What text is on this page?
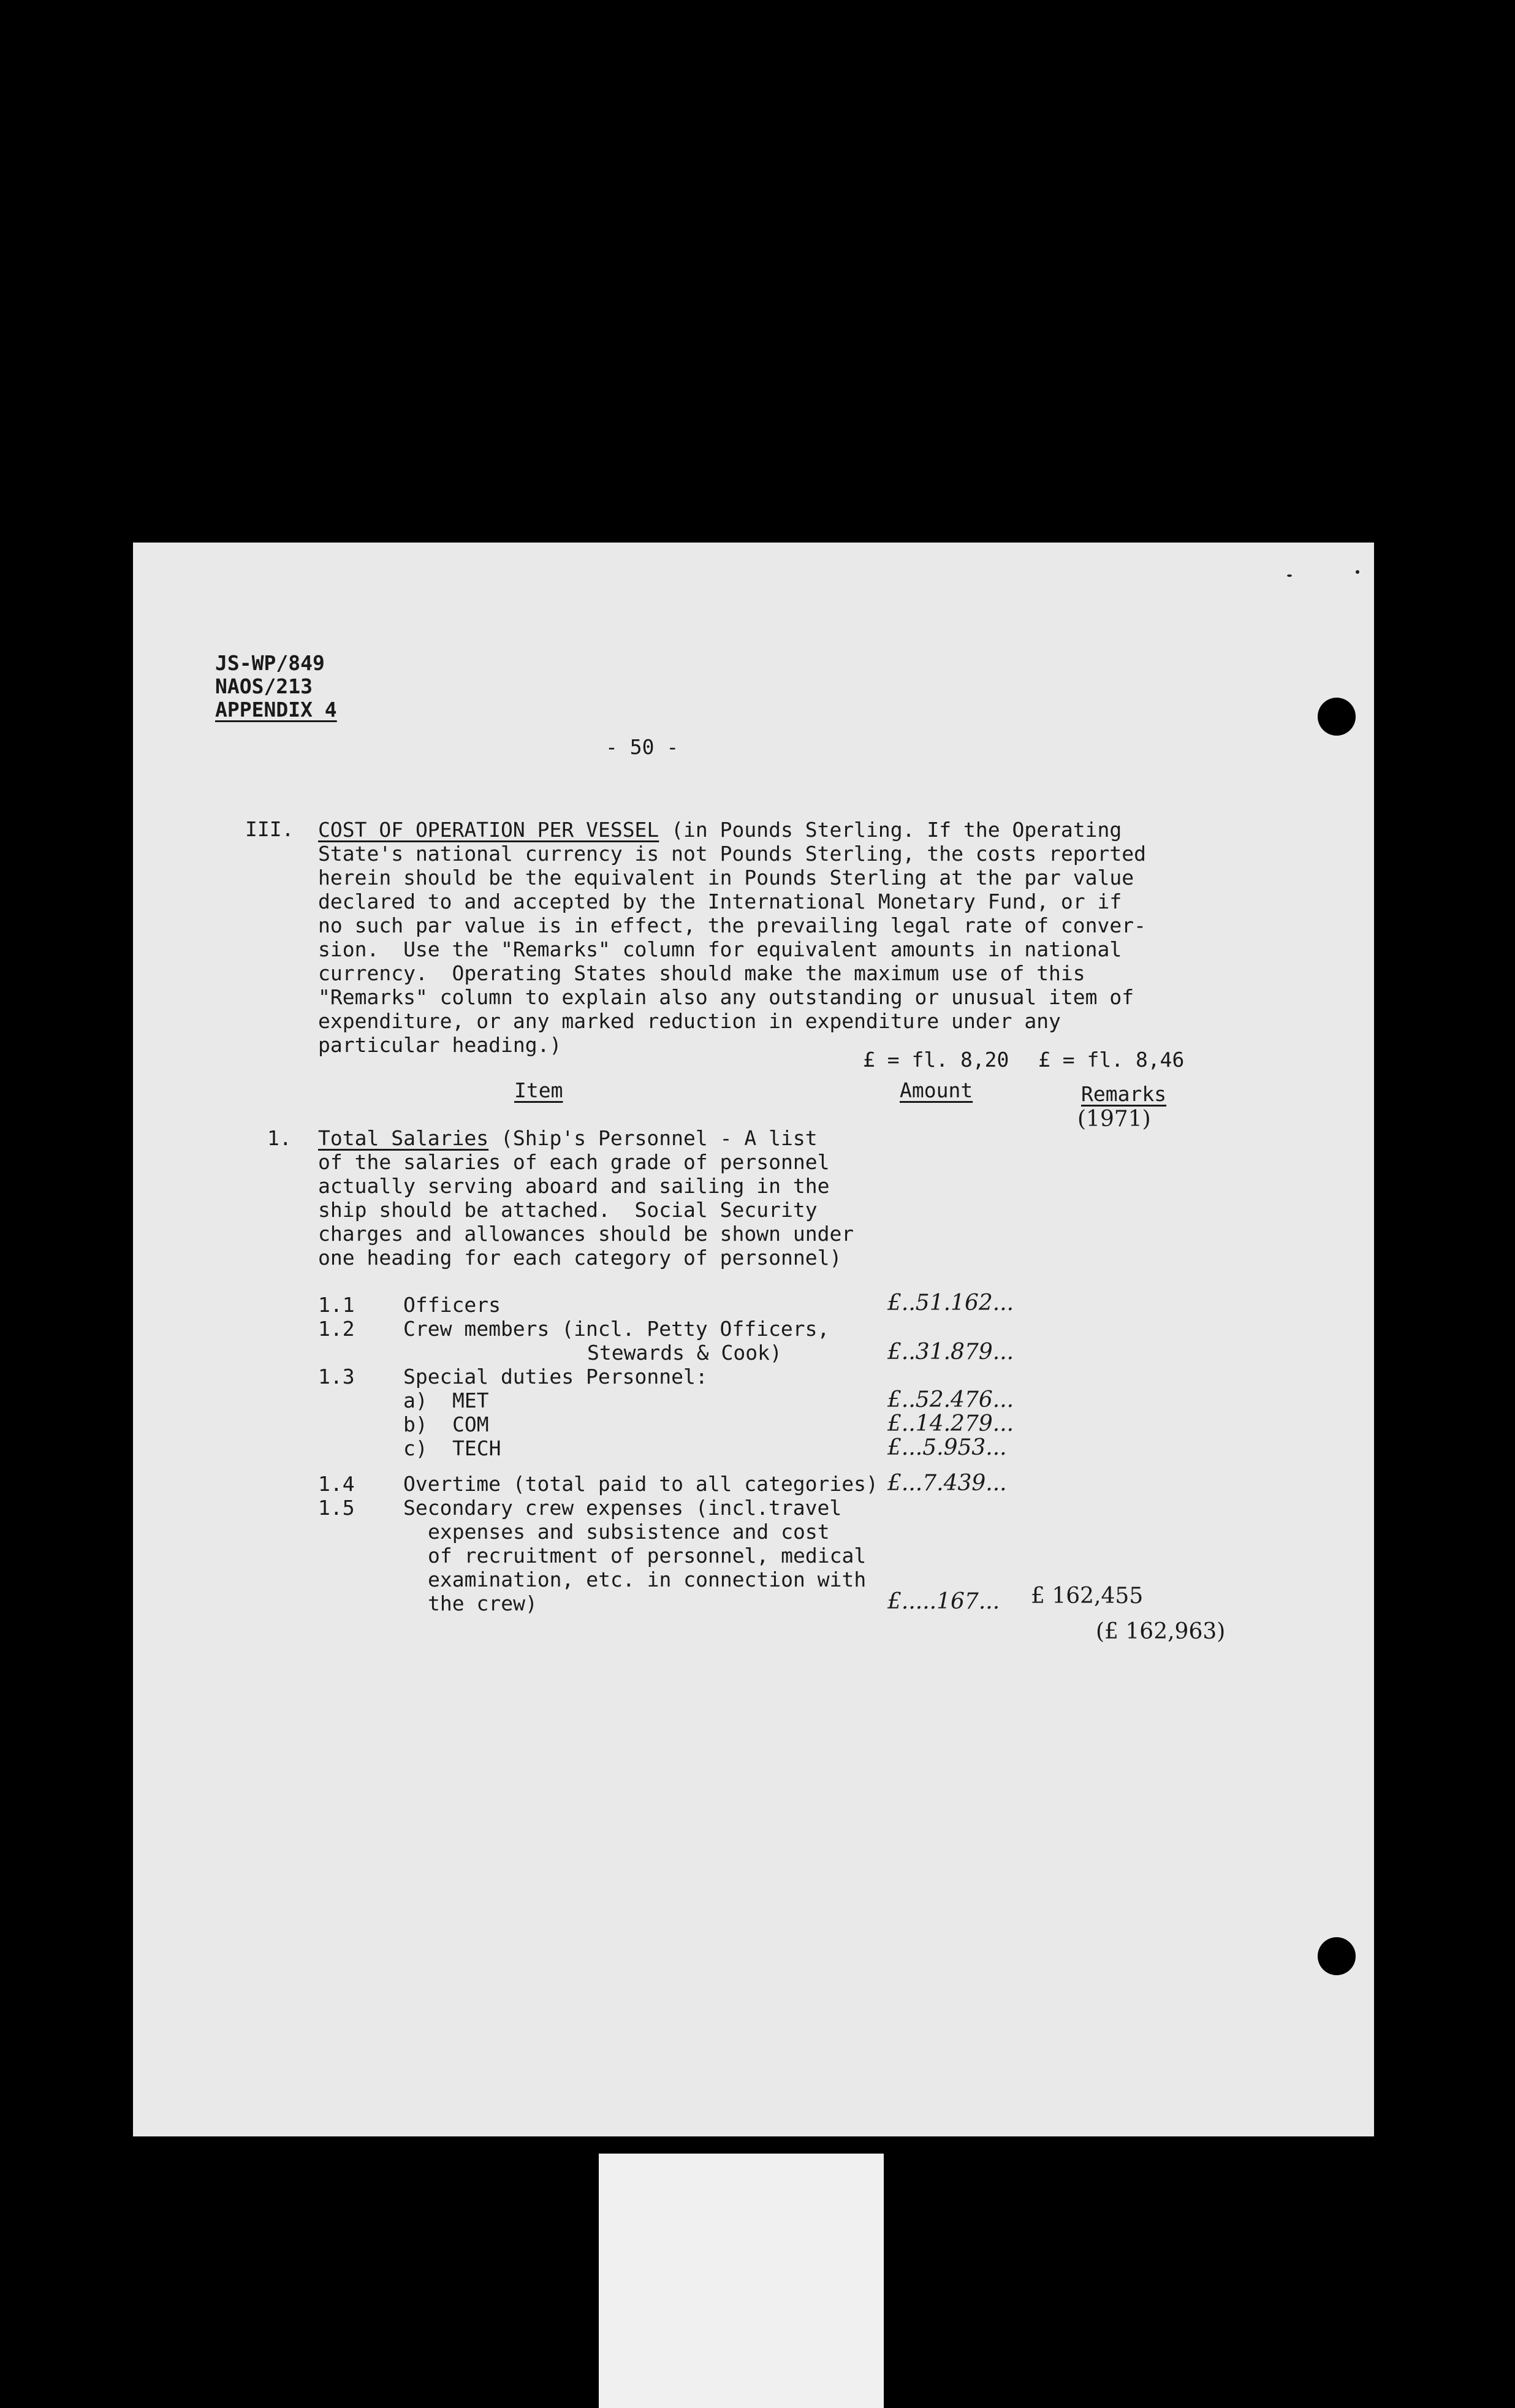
JS-WP/849
NAOS/213
APPENDIX 4
- 50 -
III. COST OF OPERATION PER VESSEL (in Pounds Sterling. If the Operating
State's national currency is not Pounds Sterling, the costs reported
herein should be the equivalent in Pounds Sterling at the par value
declared to and accepted by the International Monetary Fund, or if
no such par value is in effect, the prevailing legal rate of conver-
sion.  Use the "Remarks" column for equivalent amounts in national
currency.  Operating States should make the maximum use of this
"Remarks" column to explain also any outstanding or unusual item of
expenditure, or any marked reduction in expenditure under any
particular heading.)
£ = fl. 8,20 £ = fl. 8,46
Item	Amount	Remarks
(1971)
1. Total Salaries (Ship's Personnel - A list
of the salaries of each grade of personnel
actually serving aboard and sailing in the
ship should be attached.  Social Security
charges and allowances should be shown under
one heading for each category of personnel)
1.1 Officers	£..51.162...
1.2 Crew members (incl. Petty Officers,
Stewards & Cook)	£..31.879...
1.3 Special duties Personnel:
a) MET	£..52.476...
b) COM	£..14.279...
c) TECH	£...5.953...
1.4 Overtime (total paid to all categories) £...7.439...
1.5 Secondary crew expenses (incl.travel
expenses and subsistence and cost
of recruitment of personnel, medical
examination, etc. in connection with
the crew)	£.....167... £ 162,455
(£ 162,963)
